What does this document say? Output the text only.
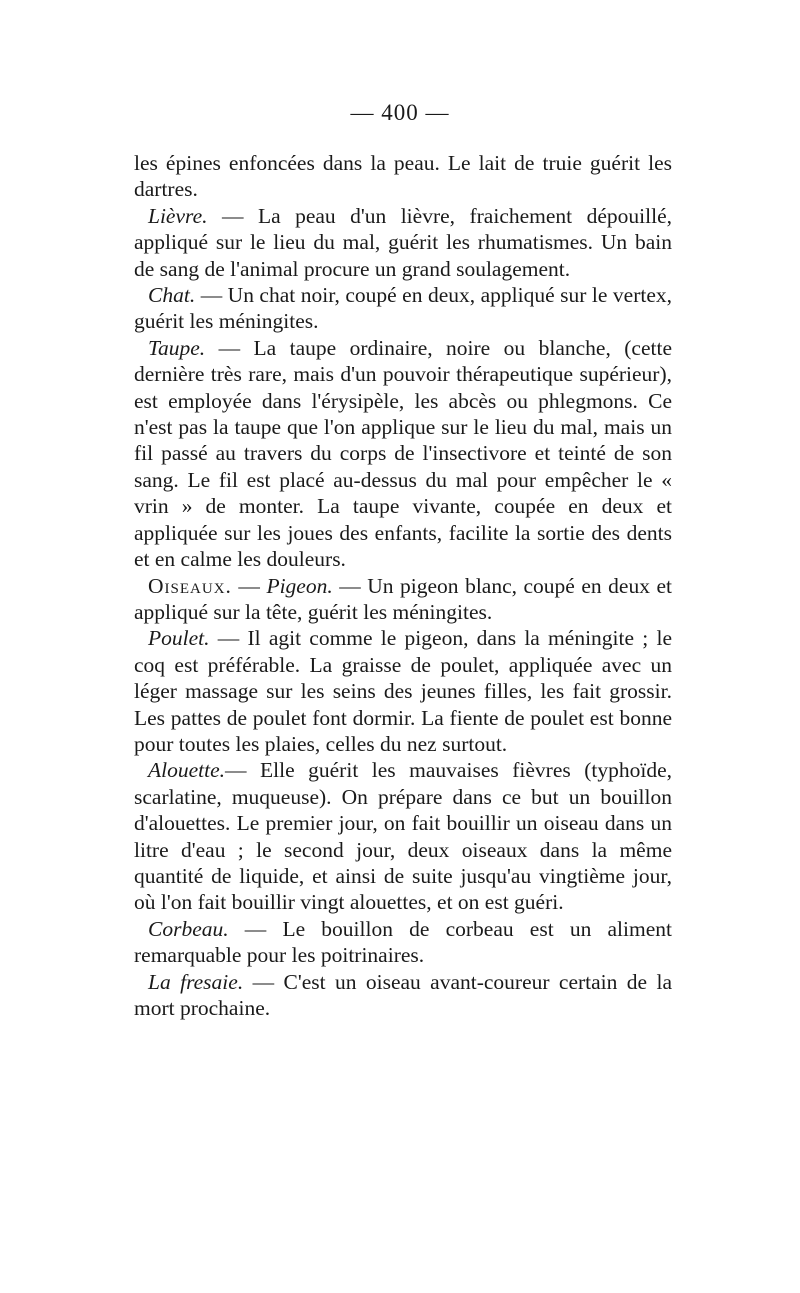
— 400 —

les épines enfoncées dans la peau. Le lait de truie guérit les dartres.

Lièvre. — La peau d'un lièvre, fraichement dépouillé, appliqué sur le lieu du mal, guérit les rhumatismes. Un bain de sang de l'animal procure un grand soulagement.

Chat. — Un chat noir, coupé en deux, appliqué sur le vertex, guérit les méningites.

Taupe. — La taupe ordinaire, noire ou blanche, (cette dernière très rare, mais d'un pouvoir thérapeutique supérieur), est employée dans l'érysipèle, les abcès ou phlegmons. Ce n'est pas la taupe que l'on applique sur le lieu du mal, mais un fil passé au travers du corps de l'insectivore et teinté de son sang. Le fil est placé au-dessus du mal pour empêcher le « vrin » de monter. La taupe vivante, coupée en deux et appliquée sur les joues des enfants, facilite la sortie des dents et en calme les douleurs.

Oiseaux. — Pigeon. — Un pigeon blanc, coupé en deux et appliqué sur la tête, guérit les méningites.

Poulet. — Il agit comme le pigeon, dans la méningite ; le coq est préférable. La graisse de poulet, appliquée avec un léger massage sur les seins des jeunes filles, les fait grossir. Les pattes de poulet font dormir. La fiente de poulet est bonne pour toutes les plaies, celles du nez surtout.

Alouette.— Elle guérit les mauvaises fièvres (typhoïde, scarlatine, muqueuse). On prépare dans ce but un bouillon d'alouettes. Le premier jour, on fait bouillir un oiseau dans un litre d'eau ; le second jour, deux oiseaux dans la même quantité de liquide, et ainsi de suite jusqu'au vingtième jour, où l'on fait bouillir vingt alouettes, et on est guéri.

Corbeau. — Le bouillon de corbeau est un aliment remarquable pour les poitrinaires.

La fresaie. — C'est un oiseau avant-coureur certain de la mort prochaine.
